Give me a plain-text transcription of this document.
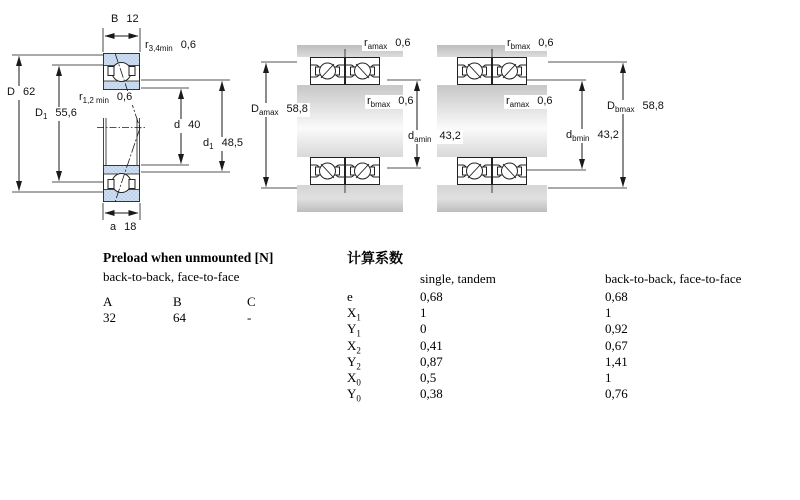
B 12
$r_{3,4min}$ 0,6
D 62
$D_1$ 55,6
$r_{1,2 min}$ 0,6
d 40
$d_1$ 48,5
a 18
$r_{amax}$ 0,6
$D_{amax}$ 58,8
$r_{bmax}$ 0,6
$d_{amin}$ 43,2
$r_{bmax}$ 0,6
$r_{amax}$ 0,6	$D_{bmax}$ 58,8
$d_{bmin}$ 43,2
Preload when unmounted [N]
back-to-back, face-to-face
A	B	C
32	64	-
计算系数
single, tandem	back-to-back, face-to-face
e	0,68	0,68
$X_1$	1	1
$Y_1$	0	0,92
$X_2$	0,41	0,67
$Y_2$	0,87	1,41
$X_0$	0,5	1
$Y_0$	0,38	0,76
